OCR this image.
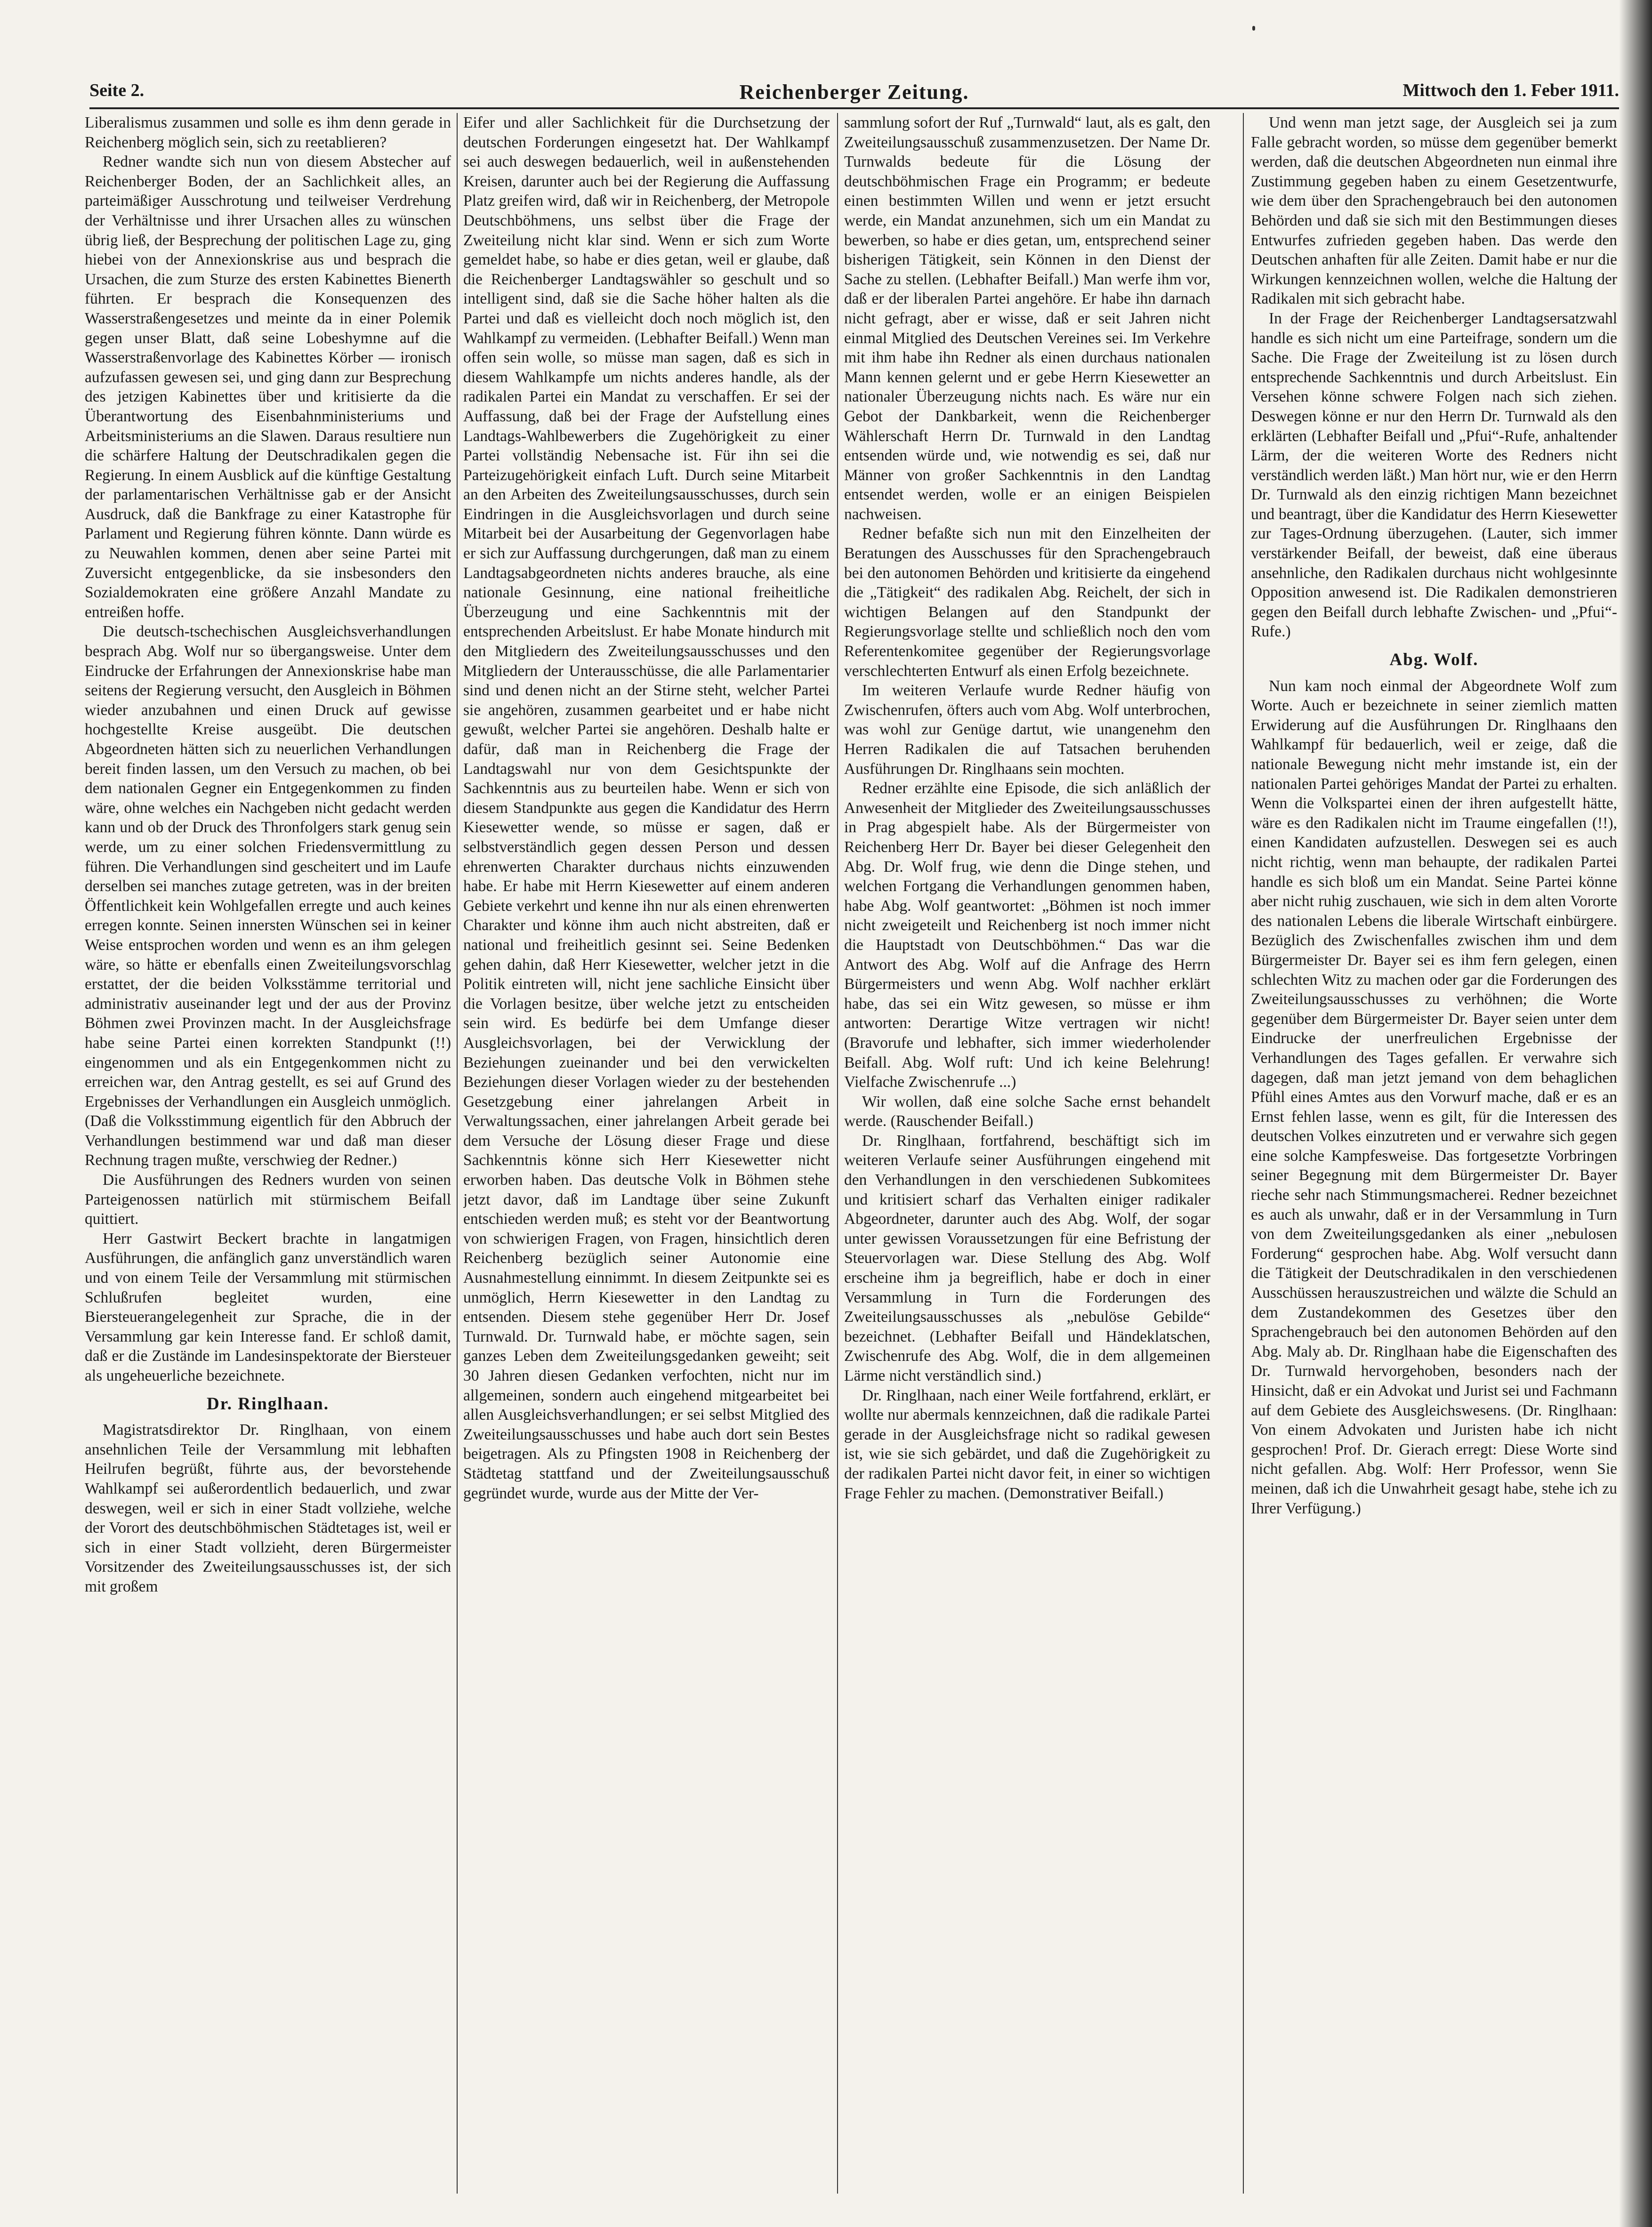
Seite 2.	Reichenberger Zeitung.	Mittwoch den 1. Feber 1911.

Liberalismus zusammen und solle es ihm denn gerade in Reichenberg möglich sein, sich zu reetablieren?

Redner wandte sich nun von diesem Abstecher auf Reichenberger Boden, der an Sachlichkeit alles, an parteimäßiger Ausschrotung und teilweiser Verdrehung der Verhältnisse und ihrer Ursachen alles zu wünschen übrig ließ, der Besprechung der politischen Lage zu, ging hiebei von der Annexionskrise aus und besprach die Ursachen, die zum Sturze des ersten Kabinettes Bienerth führten. Er besprach die Konsequenzen des Wasserstraßengesetzes und meinte da in einer Polemik gegen unser Blatt, daß seine Lobeshymne auf die Wasserstraßenvorlage des Kabinettes Körber — ironisch aufzufassen gewesen sei, und ging dann zur Besprechung des jetzigen Kabinettes über und kritisierte da die Überantwortung des Eisenbahnministeriums und Arbeitsministeriums an die Slawen. Daraus resultiere nun die schärfere Haltung der Deutschradikalen gegen die Regierung. In einem Ausblick auf die künftige Gestaltung der parlamentarischen Verhältnisse gab er der Ansicht Ausdruck, daß die Bankfrage zu einer Katastrophe für Parlament und Regierung führen könnte. Dann würde es zu Neuwahlen kommen, denen aber seine Partei mit Zuversicht entgegenblicke, da sie insbesonders den Sozialdemokraten eine größere Anzahl Mandate zu entreißen hoffe.

Die deutsch-tschechischen Ausgleichsverhandlungen besprach Abg. Wolf nur so übergangsweise. Unter dem Eindrucke der Erfahrungen der Annexionskrise habe man seitens der Regierung versucht, den Ausgleich in Böhmen wieder anzubahnen und einen Druck auf gewisse hochgestellte Kreise ausgeübt. Die deutschen Abgeordneten hätten sich zu neuerlichen Verhandlungen bereit finden lassen, um den Versuch zu machen, ob bei dem nationalen Gegner ein Entgegenkommen zu finden wäre, ohne welches ein Nachgeben nicht gedacht werden kann und ob der Druck des Thronfolgers stark genug sein werde, um zu einer solchen Friedensvermittlung zu führen. Die Verhandlungen sind gescheitert und im Laufe derselben sei manches zutage getreten, was in der breiten Öffentlichkeit kein Wohlgefallen erregte und auch keines erregen konnte. Seinen innersten Wünschen sei in keiner Weise entsprochen worden und wenn es an ihm gelegen wäre, so hätte er ebenfalls einen Zweiteilungsvorschlag erstattet, der die beiden Volksstämme territorial und administrativ auseinander legt und der aus der Provinz Böhmen zwei Provinzen macht. In der Ausgleichsfrage habe seine Partei einen korrekten Standpunkt (!!) eingenommen und als ein Entgegenkommen nicht zu erreichen war, den Antrag gestellt, es sei auf Grund des Ergebnisses der Verhandlungen ein Ausgleich unmöglich. (Daß die Volksstimmung eigentlich für den Abbruch der Verhandlungen bestimmend war und daß man dieser Rechnung tragen mußte, verschwieg der Redner.)

Die Ausführungen des Redners wurden von seinen Parteigenossen natürlich mit stürmischem Beifall quittiert.

Herr Gastwirt Beckert brachte in langatmigen Ausführungen, die anfänglich ganz unverständlich waren und von einem Teile der Versammlung mit stürmischen Schlußrufen begleitet wurden, eine Biersteuerangelegenheit zur Sprache, die in der Versammlung gar kein Interesse fand. Er schloß damit, daß er die Zustände im Landesinspektorate der Biersteuer als ungeheuerliche bezeichnete.

Dr. Ringlhaan.

Magistratsdirektor Dr. Ringlhaan, von einem ansehnlichen Teile der Versammlung mit lebhaften Heilrufen begrüßt, führte aus, der bevorstehende Wahlkampf sei außerordentlich bedauerlich, und zwar deswegen, weil er sich in einer Stadt vollziehe, welche der Vorort des deutschböhmischen Städtetages ist, weil er sich in einer Stadt vollzieht, deren Bürgermeister Vorsitzender des Zweiteilungsausschusses ist, der sich mit großem

Eifer und aller Sachlichkeit für die Durchsetzung der deutschen Forderungen eingesetzt hat. Der Wahlkampf sei auch deswegen bedauerlich, weil in außenstehenden Kreisen, darunter auch bei der Regierung die Auffassung Platz greifen wird, daß wir in Reichenberg, der Metropole Deutschböhmens, uns selbst über die Frage der Zweiteilung nicht klar sind. Wenn er sich zum Worte gemeldet habe, so habe er dies getan, weil er glaube, daß die Reichenberger Landtagswähler so geschult und so intelligent sind, daß sie die Sache höher halten als die Partei und daß es vielleicht doch noch möglich ist, den Wahlkampf zu vermeiden. (Lebhafter Beifall.) Wenn man offen sein wolle, so müsse man sagen, daß es sich in diesem Wahlkampfe um nichts anderes handle, als der radikalen Partei ein Mandat zu verschaffen. Er sei der Auffassung, daß bei der Frage der Aufstellung eines Landtags-Wahlbewerbers die Zugehörigkeit zu einer Partei vollständig Nebensache ist. Für ihn sei die Parteizugehörigkeit einfach Luft. Durch seine Mitarbeit an den Arbeiten des Zweiteilungsausschusses, durch sein Eindringen in die Ausgleichsvorlagen und durch seine Mitarbeit bei der Ausarbeitung der Gegenvorlagen habe er sich zur Auffassung durchgerungen, daß man zu einem Landtagsabgeordneten nichts anderes brauche, als eine nationale Gesinnung, eine national freiheitliche Überzeugung und eine Sachkenntnis mit der entsprechenden Arbeitslust. Er habe Monate hindurch mit den Mitgliedern des Zweiteilungsausschusses und den Mitgliedern der Unterausschüsse, die alle Parlamentarier sind und denen nicht an der Stirne steht, welcher Partei sie angehören, zusammen gearbeitet und er habe nicht gewußt, welcher Partei sie angehören. Deshalb halte er dafür, daß man in Reichenberg die Frage der Landtagswahl nur von dem Gesichtspunkte der Sachkenntnis aus zu beurteilen habe. Wenn er sich von diesem Standpunkte aus gegen die Kandidatur des Herrn Kiesewetter wende, so müsse er sagen, daß er selbstverständlich gegen dessen Person und dessen ehrenwerten Charakter durchaus nichts einzuwenden habe. Er habe mit Herrn Kiesewetter auf einem anderen Gebiete verkehrt und kenne ihn nur als einen ehrenwerten Charakter und könne ihm auch nicht abstreiten, daß er national und freiheitlich gesinnt sei. Seine Bedenken gehen dahin, daß Herr Kiesewetter, welcher jetzt in die Politik eintreten will, nicht jene sachliche Einsicht über die Vorlagen besitze, über welche jetzt zu entscheiden sein wird. Es bedürfe bei dem Umfange dieser Ausgleichsvorlagen, bei der Verwicklung der Beziehungen zueinander und bei den verwickelten Beziehungen dieser Vorlagen wieder zu der bestehenden Gesetzgebung einer jahrelangen Arbeit in Verwaltungssachen, einer jahrelangen Arbeit gerade bei dem Versuche der Lösung dieser Frage und diese Sachkenntnis könne sich Herr Kiesewetter nicht erworben haben. Das deutsche Volk in Böhmen stehe jetzt davor, daß im Landtage über seine Zukunft entschieden werden muß; es steht vor der Beantwortung von schwierigen Fragen, von Fragen, hinsichtlich deren Reichenberg bezüglich seiner Autonomie eine Ausnahmestellung einnimmt. In diesem Zeitpunkte sei es unmöglich, Herrn Kiesewetter in den Landtag zu entsenden. Diesem stehe gegenüber Herr Dr. Josef Turnwald. Dr. Turnwald habe, er möchte sagen, sein ganzes Leben dem Zweiteilungsgedanken geweiht; seit 30 Jahren diesen Gedanken verfochten, nicht nur im allgemeinen, sondern auch eingehend mitgearbeitet bei allen Ausgleichsverhandlungen; er sei selbst Mitglied des Zweiteilungsausschusses und habe auch dort sein Bestes beigetragen. Als zu Pfingsten 1908 in Reichenberg der Städtetag stattfand und der Zweiteilungsausschuß gegründet wurde, wurde aus der Mitte der Ver-

sammlung sofort der Ruf „Turnwald“ laut, als es galt, den Zweiteilungsausschuß zusammenzusetzen. Der Name Dr. Turnwalds bedeute für die Lösung der deutschböhmischen Frage ein Programm; er bedeute einen bestimmten Willen und wenn er jetzt ersucht werde, ein Mandat anzunehmen, sich um ein Mandat zu bewerben, so habe er dies getan, um, entsprechend seiner bisherigen Tätigkeit, sein Können in den Dienst der Sache zu stellen. (Lebhafter Beifall.) Man werfe ihm vor, daß er der liberalen Partei angehöre. Er habe ihn darnach nicht gefragt, aber er wisse, daß er seit Jahren nicht einmal Mitglied des Deutschen Vereines sei. Im Verkehre mit ihm habe ihn Redner als einen durchaus nationalen Mann kennen gelernt und er gebe Herrn Kiesewetter an nationaler Überzeugung nichts nach. Es wäre nur ein Gebot der Dankbarkeit, wenn die Reichenberger Wählerschaft Herrn Dr. Turnwald in den Landtag entsenden würde und, wie notwendig es sei, daß nur Männer von großer Sachkenntnis in den Landtag entsendet werden, wolle er an einigen Beispielen nachweisen.

Redner befaßte sich nun mit den Einzelheiten der Beratungen des Ausschusses für den Sprachengebrauch bei den autonomen Behörden und kritisierte da eingehend die „Tätigkeit“ des radikalen Abg. Reichelt, der sich in wichtigen Belangen auf den Standpunkt der Regierungsvorlage stellte und schließlich noch den vom Referentenkomitee gegenüber der Regierungsvorlage verschlechterten Entwurf als einen Erfolg bezeichnete.

Im weiteren Verlaufe wurde Redner häufig von Zwischenrufen, öfters auch vom Abg. Wolf unterbrochen, was wohl zur Genüge dartut, wie unangenehm den Herren Radikalen die auf Tatsachen beruhenden Ausführungen Dr. Ringlhaans sein mochten.

Redner erzählte eine Episode, die sich anläßlich der Anwesenheit der Mitglieder des Zweiteilungsausschusses in Prag abgespielt habe. Als der Bürgermeister von Reichenberg Herr Dr. Bayer bei dieser Gelegenheit den Abg. Dr. Wolf frug, wie denn die Dinge stehen, und welchen Fortgang die Verhandlungen genommen haben, habe Abg. Wolf geantwortet: „Böhmen ist noch immer nicht zweigeteilt und Reichenberg ist noch immer nicht die Hauptstadt von Deutschböhmen.“ Das war die Antwort des Abg. Wolf auf die Anfrage des Herrn Bürgermeisters und wenn Abg. Wolf nachher erklärt habe, das sei ein Witz gewesen, so müsse er ihm antworten: Derartige Witze vertragen wir nicht! (Bravorufe und lebhafter, sich immer wiederholender Beifall. Abg. Wolf ruft: Und ich keine Belehrung! Vielfache Zwischenrufe ...)

Wir wollen, daß eine solche Sache ernst behandelt werde. (Rauschender Beifall.)

Dr. Ringlhaan, fortfahrend, beschäftigt sich im weiteren Verlaufe seiner Ausführungen eingehend mit den Verhandlungen in den verschiedenen Subkomitees und kritisiert scharf das Verhalten einiger radikaler Abgeordneter, darunter auch des Abg. Wolf, der sogar unter gewissen Voraussetzungen für eine Befristung der Steuervorlagen war. Diese Stellung des Abg. Wolf erscheine ihm ja begreiflich, habe er doch in einer Versammlung in Turn die Forderungen des Zweiteilungsausschusses als „nebulöse Gebilde“ bezeichnet. (Lebhafter Beifall und Händeklatschen, Zwischenrufe des Abg. Wolf, die in dem allgemeinen Lärme nicht verständlich sind.)

Dr. Ringlhaan, nach einer Weile fortfahrend, erklärt, er wollte nur abermals kennzeichnen, daß die radikale Partei gerade in der Ausgleichsfrage nicht so radikal gewesen ist, wie sie sich gebärdet, und daß die Zugehörigkeit zu der radikalen Partei nicht davor feit, in einer so wichtigen Frage Fehler zu machen. (Demonstrativer Beifall.)

Und wenn man jetzt sage, der Ausgleich sei ja zum Falle gebracht worden, so müsse dem gegenüber bemerkt werden, daß die deutschen Abgeordneten nun einmal ihre Zustimmung gegeben haben zu einem Gesetzentwurfe, wie dem über den Sprachengebrauch bei den autonomen Behörden und daß sie sich mit den Bestimmungen dieses Entwurfes zufrieden gegeben haben. Das werde den Deutschen anhaften für alle Zeiten. Damit habe er nur die Wirkungen kennzeichnen wollen, welche die Haltung der Radikalen mit sich gebracht habe.

In der Frage der Reichenberger Landtagsersatzwahl handle es sich nicht um eine Parteifrage, sondern um die Sache. Die Frage der Zweiteilung ist zu lösen durch entsprechende Sachkenntnis und durch Arbeitslust. Ein Versehen könne schwere Folgen nach sich ziehen. Deswegen könne er nur den Herrn Dr. Turnwald als den erklärten (Lebhafter Beifall und „Pfui“-Rufe, anhaltender Lärm, der die weiteren Worte des Redners nicht verständlich werden läßt.) Man hört nur, wie er den Herrn Dr. Turnwald als den einzig richtigen Mann bezeichnet und beantragt, über die Kandidatur des Herrn Kiesewetter zur Tages-Ordnung überzugehen. (Lauter, sich immer verstärkender Beifall, der beweist, daß eine überaus ansehnliche, den Radikalen durchaus nicht wohlgesinnte Opposition anwesend ist. Die Radikalen demonstrieren gegen den Beifall durch lebhafte Zwischen- und „Pfui“-Rufe.)

Abg. Wolf.

Nun kam noch einmal der Abgeordnete Wolf zum Worte. Auch er bezeichnete in seiner ziemlich matten Erwiderung auf die Ausführungen Dr. Ringlhaans den Wahlkampf für bedauerlich, weil er zeige, daß die nationale Bewegung nicht mehr imstande ist, ein der nationalen Partei gehöriges Mandat der Partei zu erhalten. Wenn die Volkspartei einen der ihren aufgestellt hätte, wäre es den Radikalen nicht im Traume eingefallen (!!), einen Kandidaten aufzustellen. Deswegen sei es auch nicht richtig, wenn man behaupte, der radikalen Partei handle es sich bloß um ein Mandat. Seine Partei könne aber nicht ruhig zuschauen, wie sich in dem alten Vororte des nationalen Lebens die liberale Wirtschaft einbürgere. Bezüglich des Zwischenfalles zwischen ihm und dem Bürgermeister Dr. Bayer sei es ihm fern gelegen, einen schlechten Witz zu machen oder gar die Forderungen des Zweiteilungsausschusses zu verhöhnen; die Worte gegenüber dem Bürgermeister Dr. Bayer seien unter dem Eindrucke der unerfreulichen Ergebnisse der Verhandlungen des Tages gefallen. Er verwahre sich dagegen, daß man jetzt jemand von dem behaglichen Pfühl eines Amtes aus den Vorwurf mache, daß er es an Ernst fehlen lasse, wenn es gilt, für die Interessen des deutschen Volkes einzutreten und er verwahre sich gegen eine solche Kampfesweise. Das fortgesetzte Vorbringen seiner Begegnung mit dem Bürgermeister Dr. Bayer rieche sehr nach Stimmungsmacherei. Redner bezeichnet es auch als unwahr, daß er in der Versammlung in Turn von dem Zweiteilungsgedanken als einer „nebulosen Forderung“ gesprochen habe. Abg. Wolf versucht dann die Tätigkeit der Deutschradikalen in den verschiedenen Ausschüssen herauszustreichen und wälzte die Schuld an dem Zustandekommen des Gesetzes über den Sprachengebrauch bei den autonomen Behörden auf den Abg. Maly ab. Dr. Ringlhaan habe die Eigenschaften des Dr. Turnwald hervorgehoben, besonders nach der Hinsicht, daß er ein Advokat und Jurist sei und Fachmann auf dem Gebiete des Ausgleichswesens. (Dr. Ringlhaan: Von einem Advokaten und Juristen habe ich nicht gesprochen! Prof. Dr. Gierach erregt: Diese Worte sind nicht gefallen. Abg. Wolf: Herr Professor, wenn Sie meinen, daß ich die Unwahrheit gesagt habe, stehe ich zu Ihrer Verfügung.)
